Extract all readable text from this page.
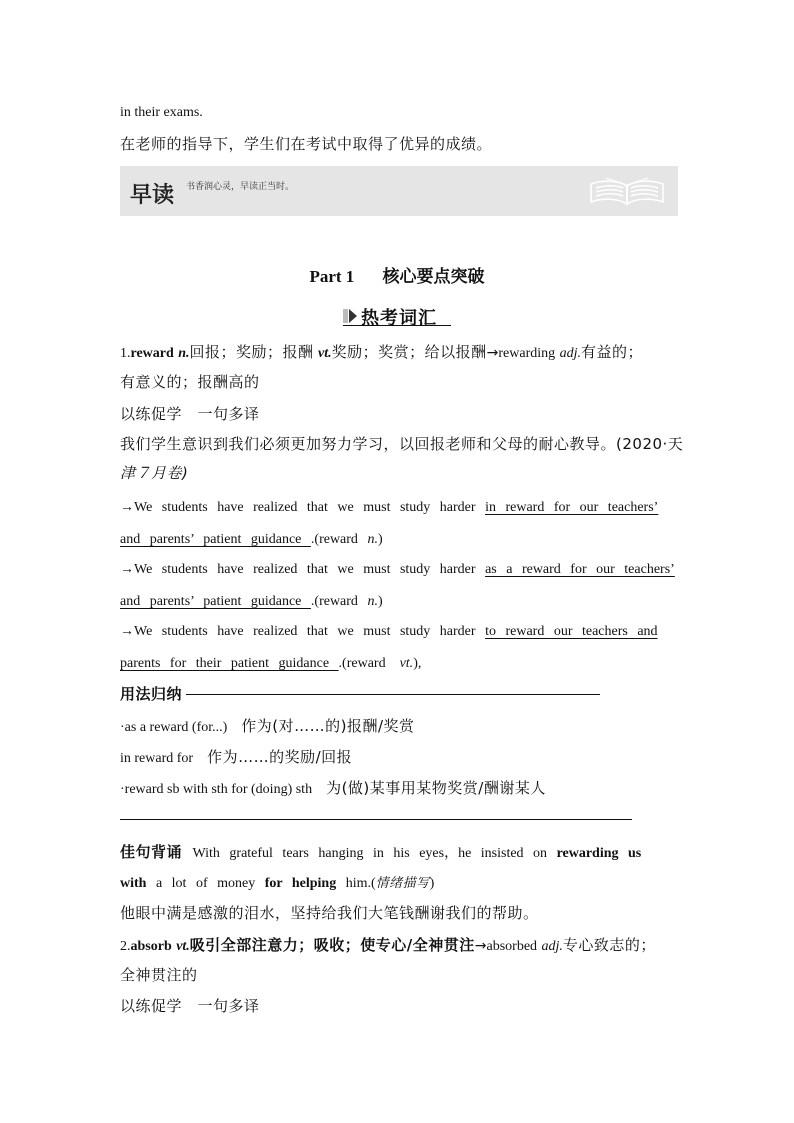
in their exams.
在老师的指导下，学生们在考试中取得了优异的成绩。
早读 书香润心灵，早读正当时。
Part 1 核心要点突破
热考词汇
1.reward n.回报；奖励；报酬 vt.奖励；奖赏；给以报酬→rewarding adj.有益的；
有意义的；报酬高的
以练促学　一句多译
我们学生意识到我们必须更加努力学习，以回报老师和父母的耐心教导。(2020·天
津７月卷)
→We students have realized that we must study harder in reward for our teachers’
and parents’ patient guidance .(reward n.)
→We students have realized that we must study harder as a reward for our teachers’
and parents’ patient guidance .(reward n.)
→We students have realized that we must study harder to reward our teachers and
parents for their patient guidance .(reward　vt.),
用法归纳
·as a reward (for...)　 作为(对……的)报酬/奖赏
in reward for　 作为……的奖励/回报
·reward sb with sth for (doing) sth　 为(做)某事用某物奖赏/酬谢某人
佳句背诵 With grateful tears hanging in his eyes，he insisted on rewarding us
with a lot of money for helping him.(情绪描写)
他眼中满是感激的泪水，坚持给我们大笔钱酬谢我们的帮助。
2.absorb vt.吸引全部注意力；吸收；使专心/全神贯注→absorbed adj.专心致志的；
全神贯注的
以练促学　一句多译
